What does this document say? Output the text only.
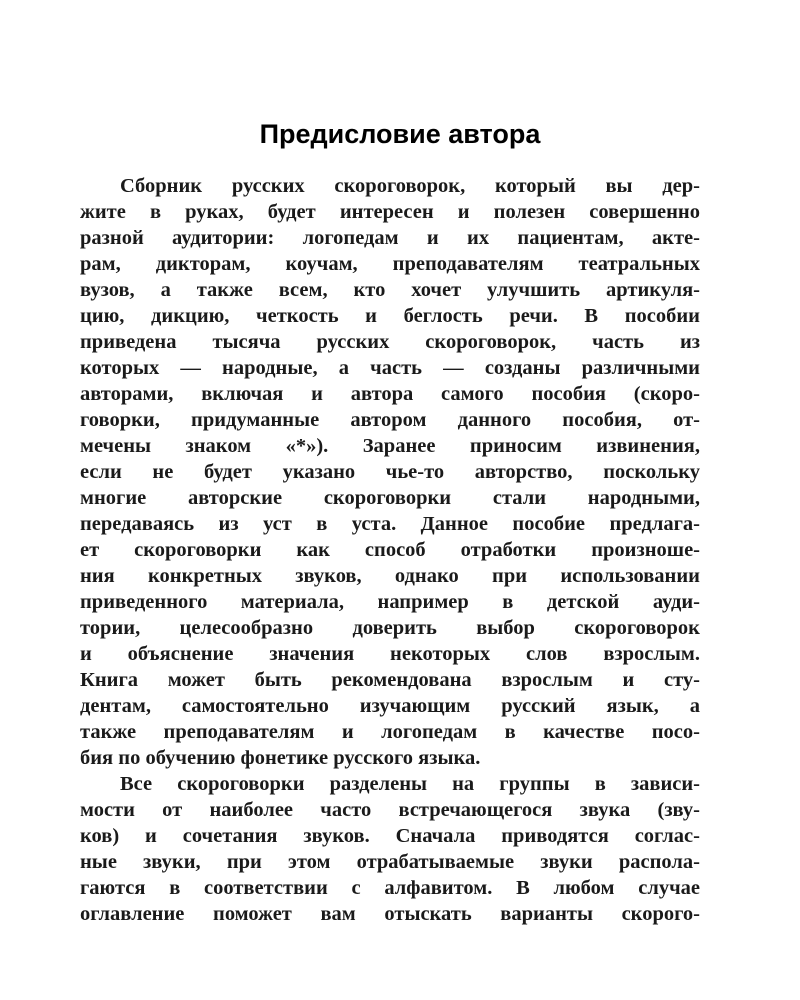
Предисловие автора

Сборник русских скороговорок, который вы дер-

жите в руках, будет интересен и полезен совершенно

разной аудитории: логопедам и их пациентам, акте-

рам, дикторам, коучам, преподавателям театральных

вузов, а также всем, кто хочет улучшить артикуля-

цию, дикцию, четкость и беглость речи. В пособии

приведена тысяча русских скороговорок, часть из

которых — народные, а часть — созданы различными

авторами, включая и автора самого пособия (скоро-

говорки, придуманные автором данного пособия, от-

мечены знаком «*»). Заранее приносим извинения,

если не будет указано чье-то авторство, поскольку

многие авторские скороговорки стали народными,

передаваясь из уст в уста. Данное пособие предлага-

ет скороговорки как способ отработки произноше-

ния конкретных звуков, однако при использовании

приведенного материала, например в детской ауди-

тории, целесообразно доверить выбор скороговорок

и объяснение значения некоторых слов взрослым.

Книга может быть рекомендована взрослым и сту-

дентам, самостоятельно изучающим русский язык, а

также преподавателям и логопедам в качестве посо-

бия по обучению фонетике русского языка.

Все скороговорки разделены на группы в зависи-

мости от наиболее часто встречающегося звука (зву-

ков) и сочетания звуков. Сначала приводятся соглас-

ные звуки, при этом отрабатываемые звуки распола-

гаются в соответствии с алфавитом. В любом случае

оглавление поможет вам отыскать варианты скорого-
